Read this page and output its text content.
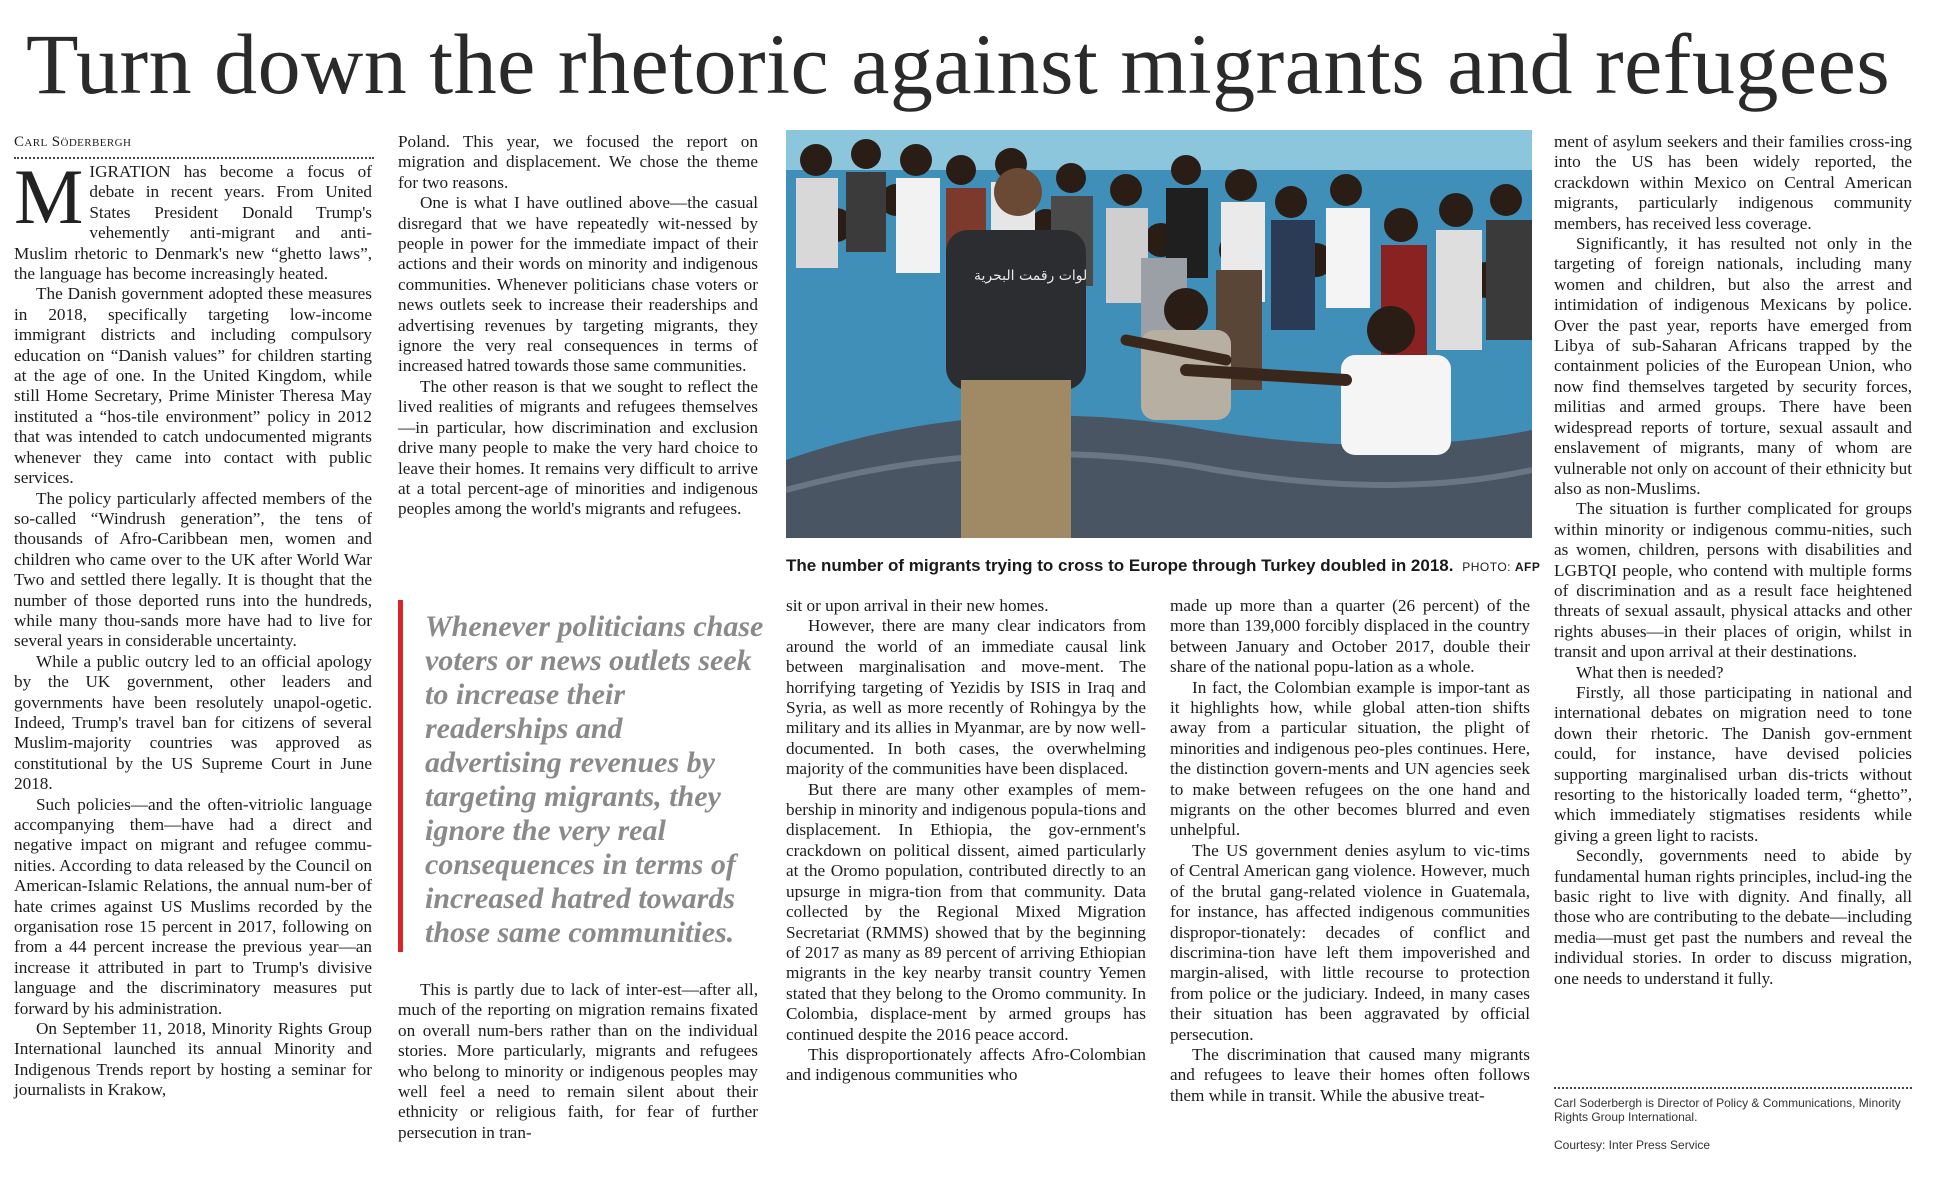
Turn down the rhetoric against migrants and refugees
Carl Söderbergh

MIGRATION has become a focus of debate in recent years. From United States President Donald Trump's vehemently anti-migrant and anti-Muslim rhetoric to Denmark's new “ghetto laws”, the language has become increasingly heated.

The Danish government adopted these measures in 2018, specifically targeting low-income immigrant districts and including compulsory education on “Danish values” for children starting at the age of one. In the United Kingdom, while still Home Secretary, Prime Minister Theresa May instituted a “hos-tile environment” policy in 2012 that was intended to catch undocumented migrants whenever they came into contact with public services.

The policy particularly affected members of the so-called “Windrush generation”, the tens of thousands of Afro-Caribbean men, women and children who came over to the UK after World War Two and settled there legally. It is thought that the number of those deported runs into the hundreds, while many thou-sands more have had to live for several years in considerable uncertainty.

While a public outcry led to an official apology by the UK government, other leaders and governments have been resolutely unapol-ogetic. Indeed, Trump's travel ban for citizens of several Muslim-majority countries was approved as constitutional by the US Supreme Court in June 2018.

Such policies—and the often-vitriolic language accompanying them—have had a direct and negative impact on migrant and refugee commu-nities. According to data released by the Council on American-Islamic Relations, the annual num-ber of hate crimes against US Muslims recorded by the organisation rose 15 percent in 2017, following on from a 44 percent increase the previous year—an increase it attributed in part to Trump's divisive language and the discriminatory measures put forward by his administration.

On September 11, 2018, Minority Rights Group International launched its annual Minority and Indigenous Trends report by hosting a seminar for journalists in Krakow,

Poland. This year, we focused the report on migration and displacement. We chose the theme for two reasons.

One is what I have outlined above—the casual disregard that we have repeatedly wit-nessed by people in power for the immediate impact of their actions and their words on minority and indigenous communities. Whenever politicians chase voters or news outlets seek to increase their readerships and advertising revenues by targeting migrants, they ignore the very real consequences in terms of increased hatred towards those same communities.

The other reason is that we sought to reflect the lived realities of migrants and refugees themselves—in particular, how discrimination and exclusion drive many people to make the very hard choice to leave their homes. It remains very difficult to arrive at a total percent-age of minorities and indigenous peoples among the world's migrants and refugees.

Whenever politicians chase voters or news outlets seek to increase their readerships and advertising revenues by targeting migrants, they ignore the very real consequences in terms of increased hatred towards those same communities.

This is partly due to lack of inter-est—after all, much of the reporting on migration remains fixated on overall num-bers rather than on the individual stories. More particularly, migrants and refugees who belong to minority or indigenous peoples may well feel a need to remain silent about their ethnicity or religious faith, for fear of further persecution in tran-

لوات رقمت البحرية
The number of migrants trying to cross to Europe through Turkey doubled in 2018. PHOTO: AFP

sit or upon arrival in their new homes.

However, there are many clear indicators from around the world of an immediate causal link between marginalisation and move-ment. The horrifying targeting of Yezidis by ISIS in Iraq and Syria, as well as more recently of Rohingya by the military and its allies in Myanmar, are by now well-documented. In both cases, the overwhelming majority of the communities have been displaced.

But there are many other examples of mem-bership in minority and indigenous popula-tions and displacement. In Ethiopia, the gov-ernment's crackdown on political dissent, aimed particularly at the Oromo population, contributed directly to an upsurge in migra-tion from that community. Data collected by the Regional Mixed Migration Secretariat (RMMS) showed that by the beginning of 2017 as many as 89 percent of arriving Ethiopian migrants in the key nearby transit country Yemen stated that they belong to the Oromo community. In Colombia, displace-ment by armed groups has continued despite the 2016 peace accord.

This disproportionately affects Afro-Colombian and indigenous communities who

made up more than a quarter (26 percent) of the more than 139,000 forcibly displaced in the country between January and October 2017, double their share of the national popu-lation as a whole.

In fact, the Colombian example is impor-tant as it highlights how, while global atten-tion shifts away from a particular situation, the plight of minorities and indigenous peo-ples continues. Here, the distinction govern-ments and UN agencies seek to make between refugees on the one hand and migrants on the other becomes blurred and even unhelpful.

The US government denies asylum to vic-tims of Central American gang violence. However, much of the brutal gang-related violence in Guatemala, for instance, has affected indigenous communities dispropor-tionately: decades of conflict and discrimina-tion have left them impoverished and margin-alised, with little recourse to protection from police or the judiciary. Indeed, in many cases their situation has been aggravated by official persecution.

The discrimination that caused many migrants and refugees to leave their homes often follows them while in transit. While the abusive treat-

ment of asylum seekers and their families cross-ing into the US has been widely reported, the crackdown within Mexico on Central American migrants, particularly indigenous community members, has received less coverage.

Significantly, it has resulted not only in the targeting of foreign nationals, including many women and children, but also the arrest and intimidation of indigenous Mexicans by police. Over the past year, reports have emerged from Libya of sub-Saharan Africans trapped by the containment policies of the European Union, who now find themselves targeted by security forces, militias and armed groups. There have been widespread reports of torture, sexual assault and enslavement of migrants, many of whom are vulnerable not only on account of their ethnicity but also as non-Muslims.

The situation is further complicated for groups within minority or indigenous commu-nities, such as women, children, persons with disabilities and LGBTQI people, who contend with multiple forms of discrimination and as a result face heightened threats of sexual assault, physical attacks and other rights abuses—in their places of origin, whilst in transit and upon arrival at their destinations.

What then is needed?

Firstly, all those participating in national and international debates on migration need to tone down their rhetoric. The Danish gov-ernment could, for instance, have devised policies supporting marginalised urban dis-tricts without resorting to the historically loaded term, “ghetto”, which immediately stigmatises residents while giving a green light to racists.

Secondly, governments need to abide by fundamental human rights principles, includ-ing the basic right to live with dignity. And finally, all those who are contributing to the debate—including media—must get past the numbers and reveal the individual stories. In order to discuss migration, one needs to understand it fully.

Carl Soderbergh is Director of Policy & Communications, Minority Rights Group International.
Courtesy: Inter Press Service
